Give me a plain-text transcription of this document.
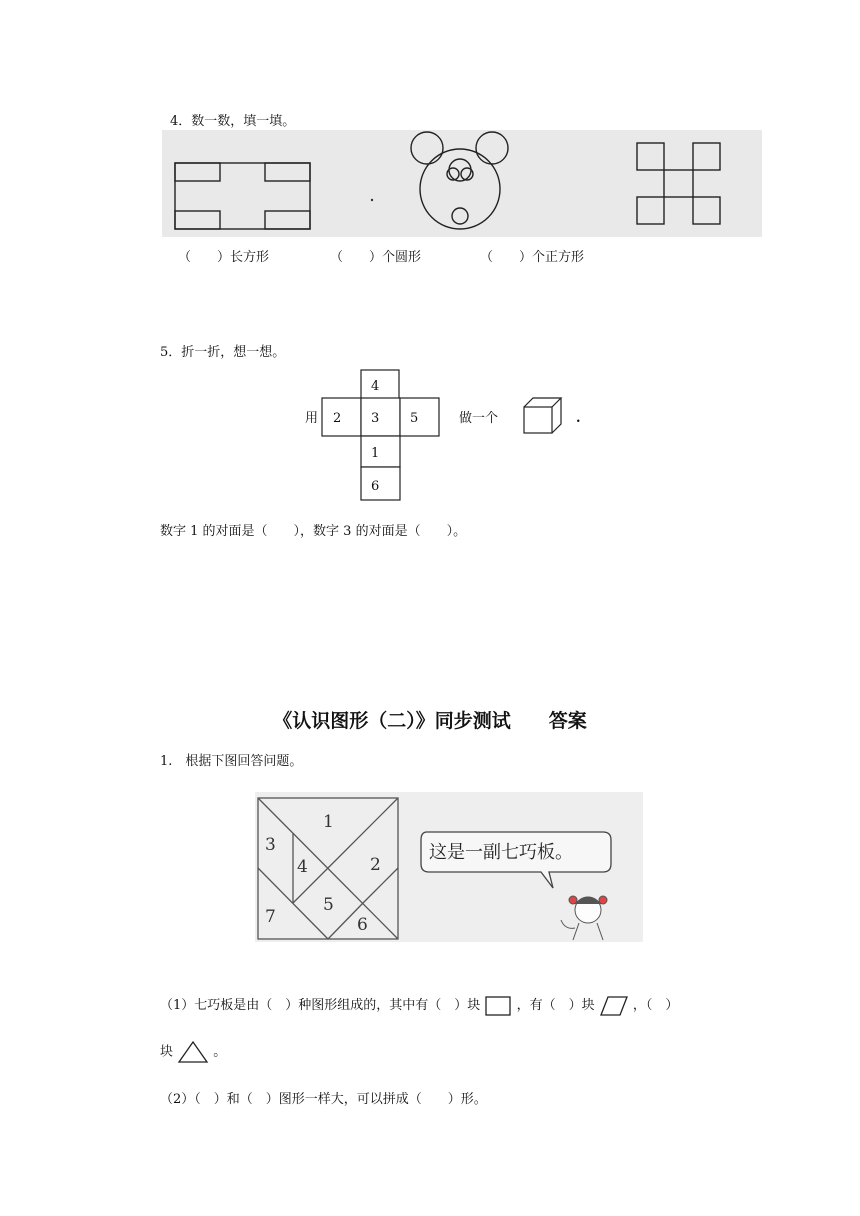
4．数一数，填一填。
（　　）长方形	（　　）个圆形	（　　）个正方形
5．折一折，想一想。
用
4
2 3 5
1
6
做一个	.
数字 1 的对面是（　　），数字 3 的对面是（　　）。
《认识图形（二）》同步测试　　答案
1.　根据下图回答问题。
1
2
3
4
5
6
7
这是一副七巧板。
（1）七巧板是由（　）种图形组成的，其中有（　）块	，有（　）块	，（　）
块	。
（2）（　）和（　）图形一样大，可以拼成（　　）形。
